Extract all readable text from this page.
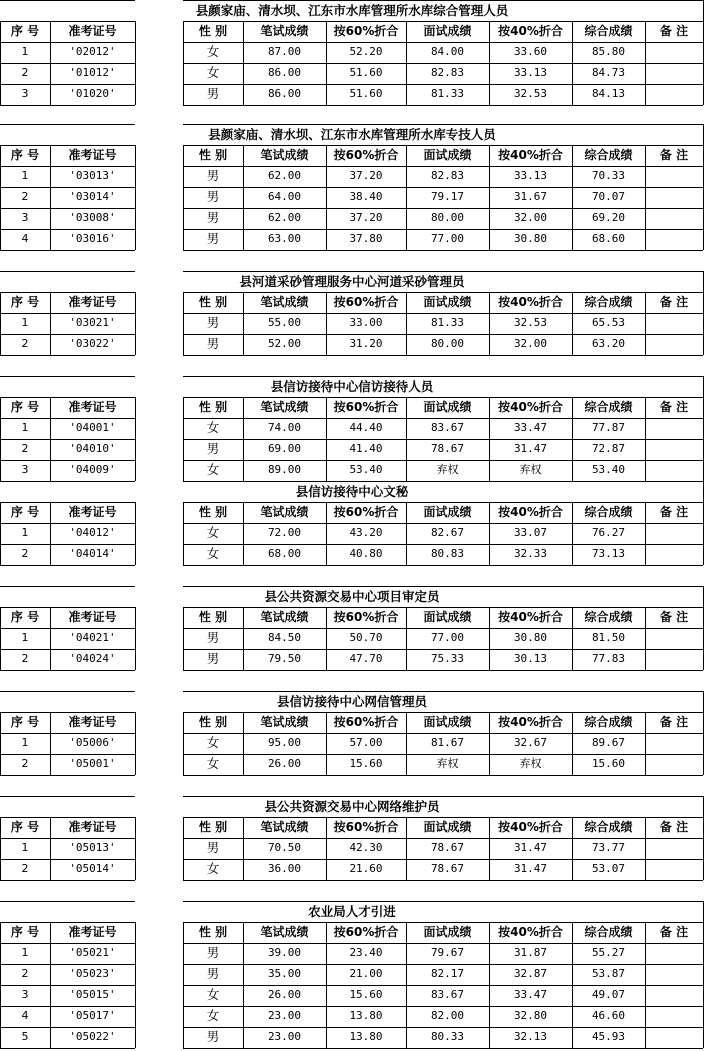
县颜家庙、清水坝、江东市水库管理所水库综合管理人员
序 号	准考证号	性 别	笔试成绩	按60%折合	面试成绩	按40%折合	综合成绩	备 注
1	'02012'	女	87.00	52.20	84.00	33.60	85.80
2	'01012'	女	86.00	51.60	82.83	33.13	84.73
3	'01020'	男	86.00	51.60	81.33	32.53	84.13
县颜家庙、清水坝、江东市水库管理所水库专技人员
序 号	准考证号	性 别	笔试成绩	按60%折合	面试成绩	按40%折合	综合成绩	备 注
1	'03013'	男	62.00	37.20	82.83	33.13	70.33
2	'03014'	男	64.00	38.40	79.17	31.67	70.07
3	'03008'	男	62.00	37.20	80.00	32.00	69.20
4	'03016'	男	63.00	37.80	77.00	30.80	68.60
县河道采砂管理服务中心河道采砂管理员
序 号	准考证号	性 别	笔试成绩	按60%折合	面试成绩	按40%折合	综合成绩	备 注
1	'03021'	男	55.00	33.00	81.33	32.53	65.53
2	'03022'	男	52.00	31.20	80.00	32.00	63.20
县信访接待中心信访接待人员
序 号	准考证号	性 别	笔试成绩	按60%折合	面试成绩	按40%折合	综合成绩	备 注
1	'04001'	女	74.00	44.40	83.67	33.47	77.87
2	'04010'	男	69.00	41.40	78.67	31.47	72.87
3	'04009'	女	89.00	53.40	弃权	弃权	53.40
县信访接待中心文秘
序 号	准考证号	性 别	笔试成绩	按60%折合	面试成绩	按40%折合	综合成绩	备 注
1	'04012'	女	72.00	43.20	82.67	33.07	76.27
2	'04014'	女	68.00	40.80	80.83	32.33	73.13
县公共资源交易中心项目审定员
序 号	准考证号	性 别	笔试成绩	按60%折合	面试成绩	按40%折合	综合成绩	备 注
1	'04021'	男	84.50	50.70	77.00	30.80	81.50
2	'04024'	男	79.50	47.70	75.33	30.13	77.83
县信访接待中心网信管理员
序 号	准考证号	性 别	笔试成绩	按60%折合	面试成绩	按40%折合	综合成绩	备 注
1	'05006'	女	95.00	57.00	81.67	32.67	89.67
2	'05001'	女	26.00	15.60	弃权	弃权	15.60
县公共资源交易中心网络维护员
序 号	准考证号	性 别	笔试成绩	按60%折合	面试成绩	按40%折合	综合成绩	备 注
1	'05013'	男	70.50	42.30	78.67	31.47	73.77
2	'05014'	女	36.00	21.60	78.67	31.47	53.07
农业局人才引进
序 号	准考证号	性 别	笔试成绩	按60%折合	面试成绩	按40%折合	综合成绩	备 注
1	'05021'	男	39.00	23.40	79.67	31.87	55.27
2	'05023'	男	35.00	21.00	82.17	32.87	53.87
3	'05015'	女	26.00	15.60	83.67	33.47	49.07
4	'05017'	女	23.00	13.80	82.00	32.80	46.60
5	'05022'	男	23.00	13.80	80.33	32.13	45.93
